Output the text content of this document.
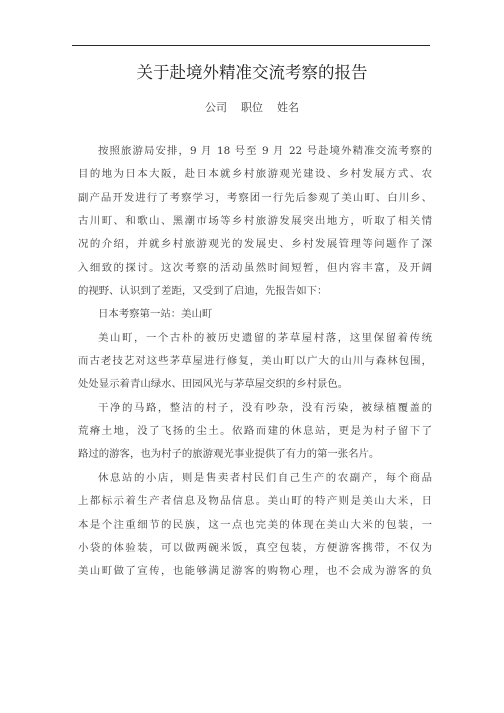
关于赴境外精准交流考察的报告
公司    职位    姓名
按照旅游局安排，9 月 18 号至 9 月 22 号赴境外精准交流考察的
目的地为日本大阪，赴日本就乡村旅游观光建设、乡村发展方式、农
副产品开发进行了考察学习，考察团一行先后参观了美山町、白川乡、
古川町、和歌山、黑潮市场等乡村旅游发展突出地方，听取了相关情
况的介绍，并就乡村旅游观光的发展史、乡村发展管理等问题作了深
入细致的探讨。这次考察的活动虽然时间短暂，但内容丰富，及开阔
的视野、认识到了差距，又受到了启迪，先报告如下：
日本考察第一站：美山町
美山町，一个古朴的被历史遗留的茅草屋村落，这里保留着传统
而古老技艺对这些茅草屋进行修复，美山町以广大的山川与森林包围，
处处显示着青山绿水、田园风光与茅草屋交织的乡村景色。
干净的马路，整洁的村子，没有吵杂，没有污染，被绿植覆盖的
荒瘠土地，没了飞扬的尘土。依路而建的休息站，更是为村子留下了
路过的游客，也为村子的旅游观光事业提供了有力的第一张名片。
休息站的小店，则是售卖者村民们自己生产的农副产，每个商品
上都标示着生产者信息及物品信息。美山町的特产则是美山大米，日
本是个注重细节的民族，这一点也完美的体现在美山大米的包装，一
小袋的体验装，可以做两碗米饭，真空包装，方便游客携带，不仅为
美山町做了宣传，也能够满足游客的购物心理，也不会成为游客的负
